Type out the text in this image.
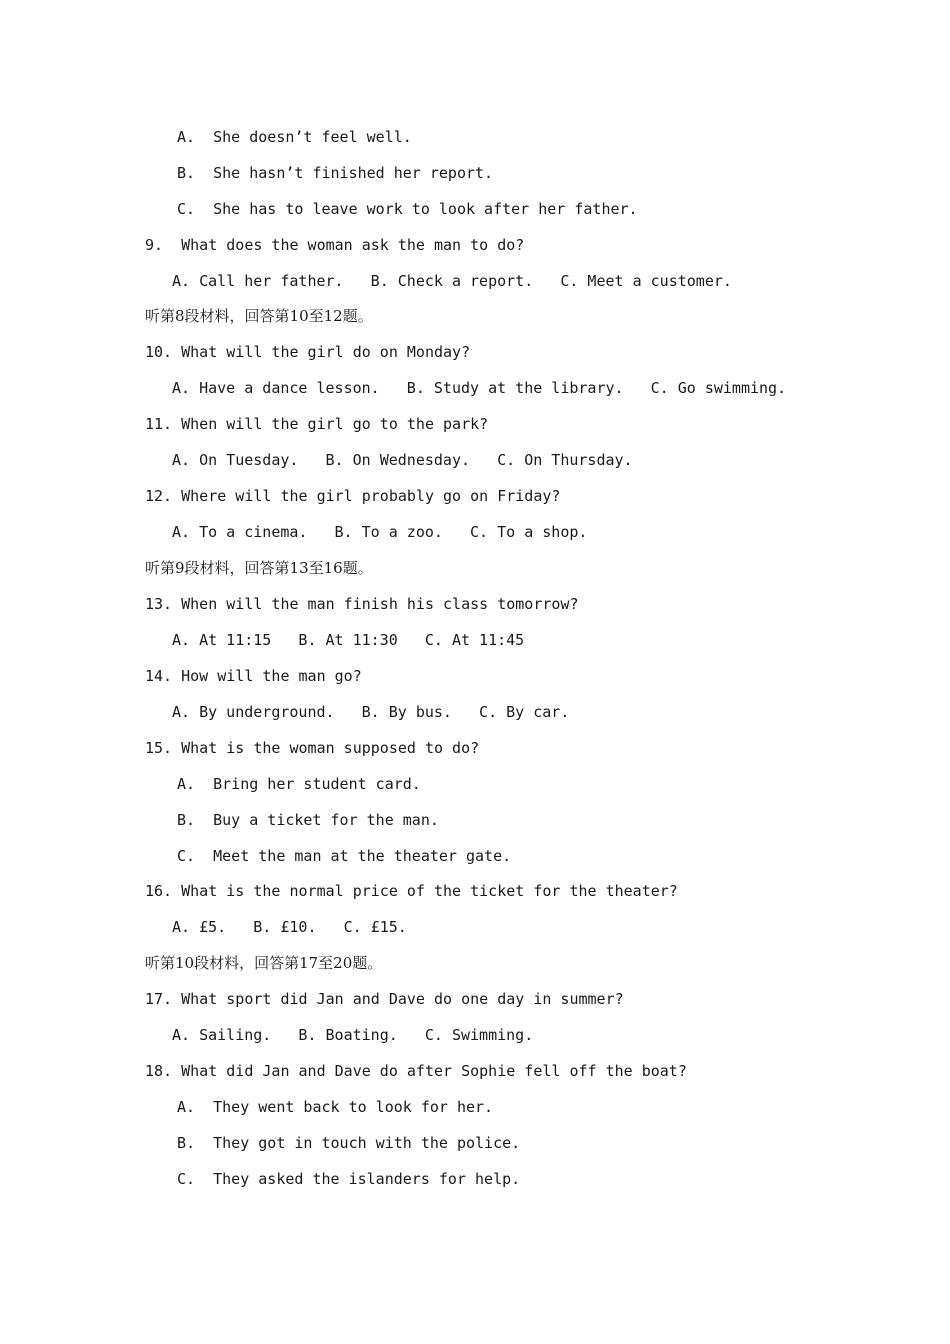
A.  She doesn’t feel well.
B.  She hasn’t finished her report.
C.  She has to leave work to look after her father.
9.  What does the woman ask the man to do?
A. Call her father.   B. Check a report.   C. Meet a customer.
听第8段材料，回答第10至12题。
10. What will the girl do on Monday?
A. Have a dance lesson.   B. Study at the library.   C. Go swimming.
11. When will the girl go to the park?
A. On Tuesday.   B. On Wednesday.   C. On Thursday.
12. Where will the girl probably go on Friday?
A. To a cinema.   B. To a zoo.   C. To a shop.
听第9段材料，回答第13至16题。
13. When will the man finish his class tomorrow?
A. At 11:15   B. At 11:30   C. At 11:45
14. How will the man go?
A. By underground.   B. By bus.   C. By car.
15. What is the woman supposed to do?
A.  Bring her student card.
B.  Buy a ticket for the man.
C.  Meet the man at the theater gate.
16. What is the normal price of the ticket for the theater?
A. £5.   B. £10.   C. £15.
听第10段材料，回答第17至20题。
17. What sport did Jan and Dave do one day in summer?
A. Sailing.   B. Boating.   C. Swimming.
18. What did Jan and Dave do after Sophie fell off the boat?
A.  They went back to look for her.
B.  They got in touch with the police.
C.  They asked the islanders for help.
